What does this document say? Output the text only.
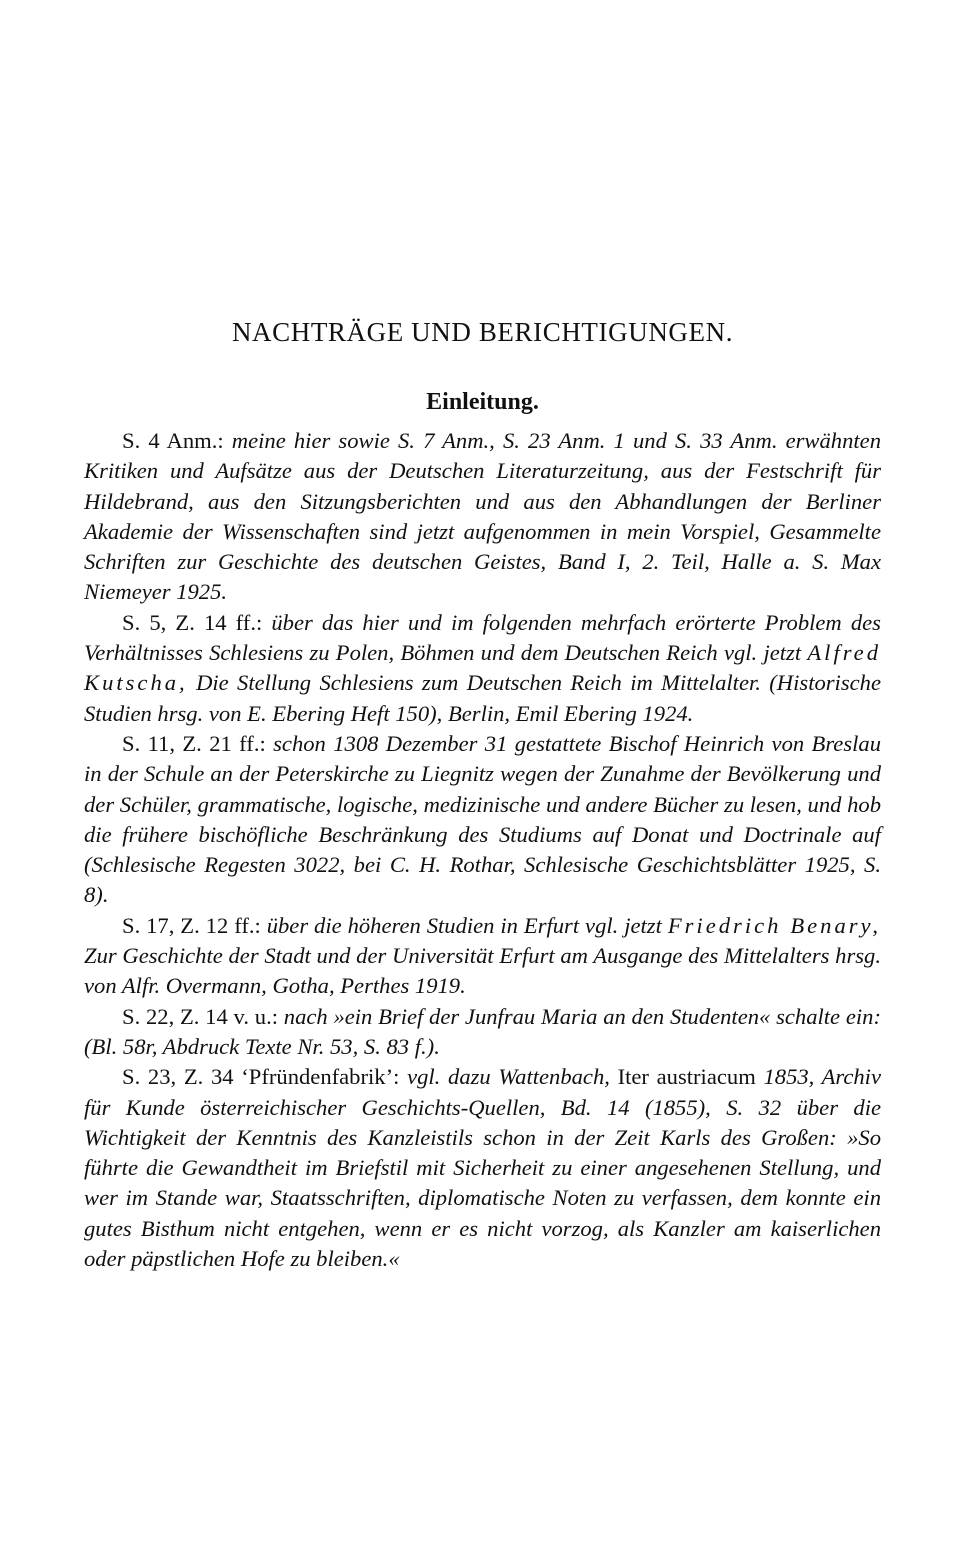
NACHTRÄGE UND BERICHTIGUNGEN.
Einleitung.

S. 4 Anm.: meine hier sowie S. 7 Anm., S. 23 Anm. 1 und S. 33 Anm. erwähnten Kritiken und Aufsätze aus der Deutschen Literaturzeitung, aus der Festschrift für Hildebrand, aus den Sitzungsberichten und aus den Abhandlungen der Berliner Akademie der Wissenschaften sind jetzt aufgenommen in mein Vorspiel, Gesammelte Schriften zur Geschichte des deutschen Geistes, Band I, 2. Teil, Halle a. S. Max Niemeyer 1925.

S. 5, Z. 14 ff.: über das hier und im folgenden mehrfach erörterte Problem des Verhältnisses Schlesiens zu Polen, Böhmen und dem Deutschen Reich vgl. jetzt Alfred Kutscha, Die Stellung Schlesiens zum Deutschen Reich im Mittelalter. (Historische Studien hrsg. von E. Ebering Heft 150), Berlin, Emil Ebering 1924.

S. 11, Z. 21 ff.: schon 1308 Dezember 31 gestattete Bischof Heinrich von Breslau in der Schule an der Peterskirche zu Liegnitz wegen der Zunahme der Bevölkerung und der Schüler, grammatische, logische, medizinische und andere Bücher zu lesen, und hob die frühere bischöfliche Beschränkung des Studiums auf Donat und Doctrinale auf (Schlesische Regesten 3022, bei C. H. Rothar, Schlesische Geschichtsblätter 1925, S. 8).

S. 17, Z. 12 ff.: über die höheren Studien in Erfurt vgl. jetzt Friedrich Benary, Zur Geschichte der Stadt und der Universität Erfurt am Ausgange des Mittelalters hrsg. von Alfr. Overmann, Gotha, Perthes 1919.

S. 22, Z. 14 v. u.: nach »ein Brief der Junfrau Maria an den Studenten« schalte ein: (Bl. 58r, Abdruck Texte Nr. 53, S. 83 f.).

S. 23, Z. 34 ‘Pfründenfabrik’: vgl. dazu Wattenbach, Iter austriacum 1853, Archiv für Kunde österreichischer Geschichts-Quellen, Bd. 14 (1855), S. 32 über die Wichtigkeit der Kenntnis des Kanzleistils schon in der Zeit Karls des Großen: »So führte die Gewandtheit im Briefstil mit Sicherheit zu einer angesehenen Stellung, und wer im Stande war, Staatsschriften, diplomatische Noten zu verfassen, dem konnte ein gutes Bisthum nicht entgehen, wenn er es nicht vorzog, als Kanzler am kaiserlichen oder päpstlichen Hofe zu bleiben.«
